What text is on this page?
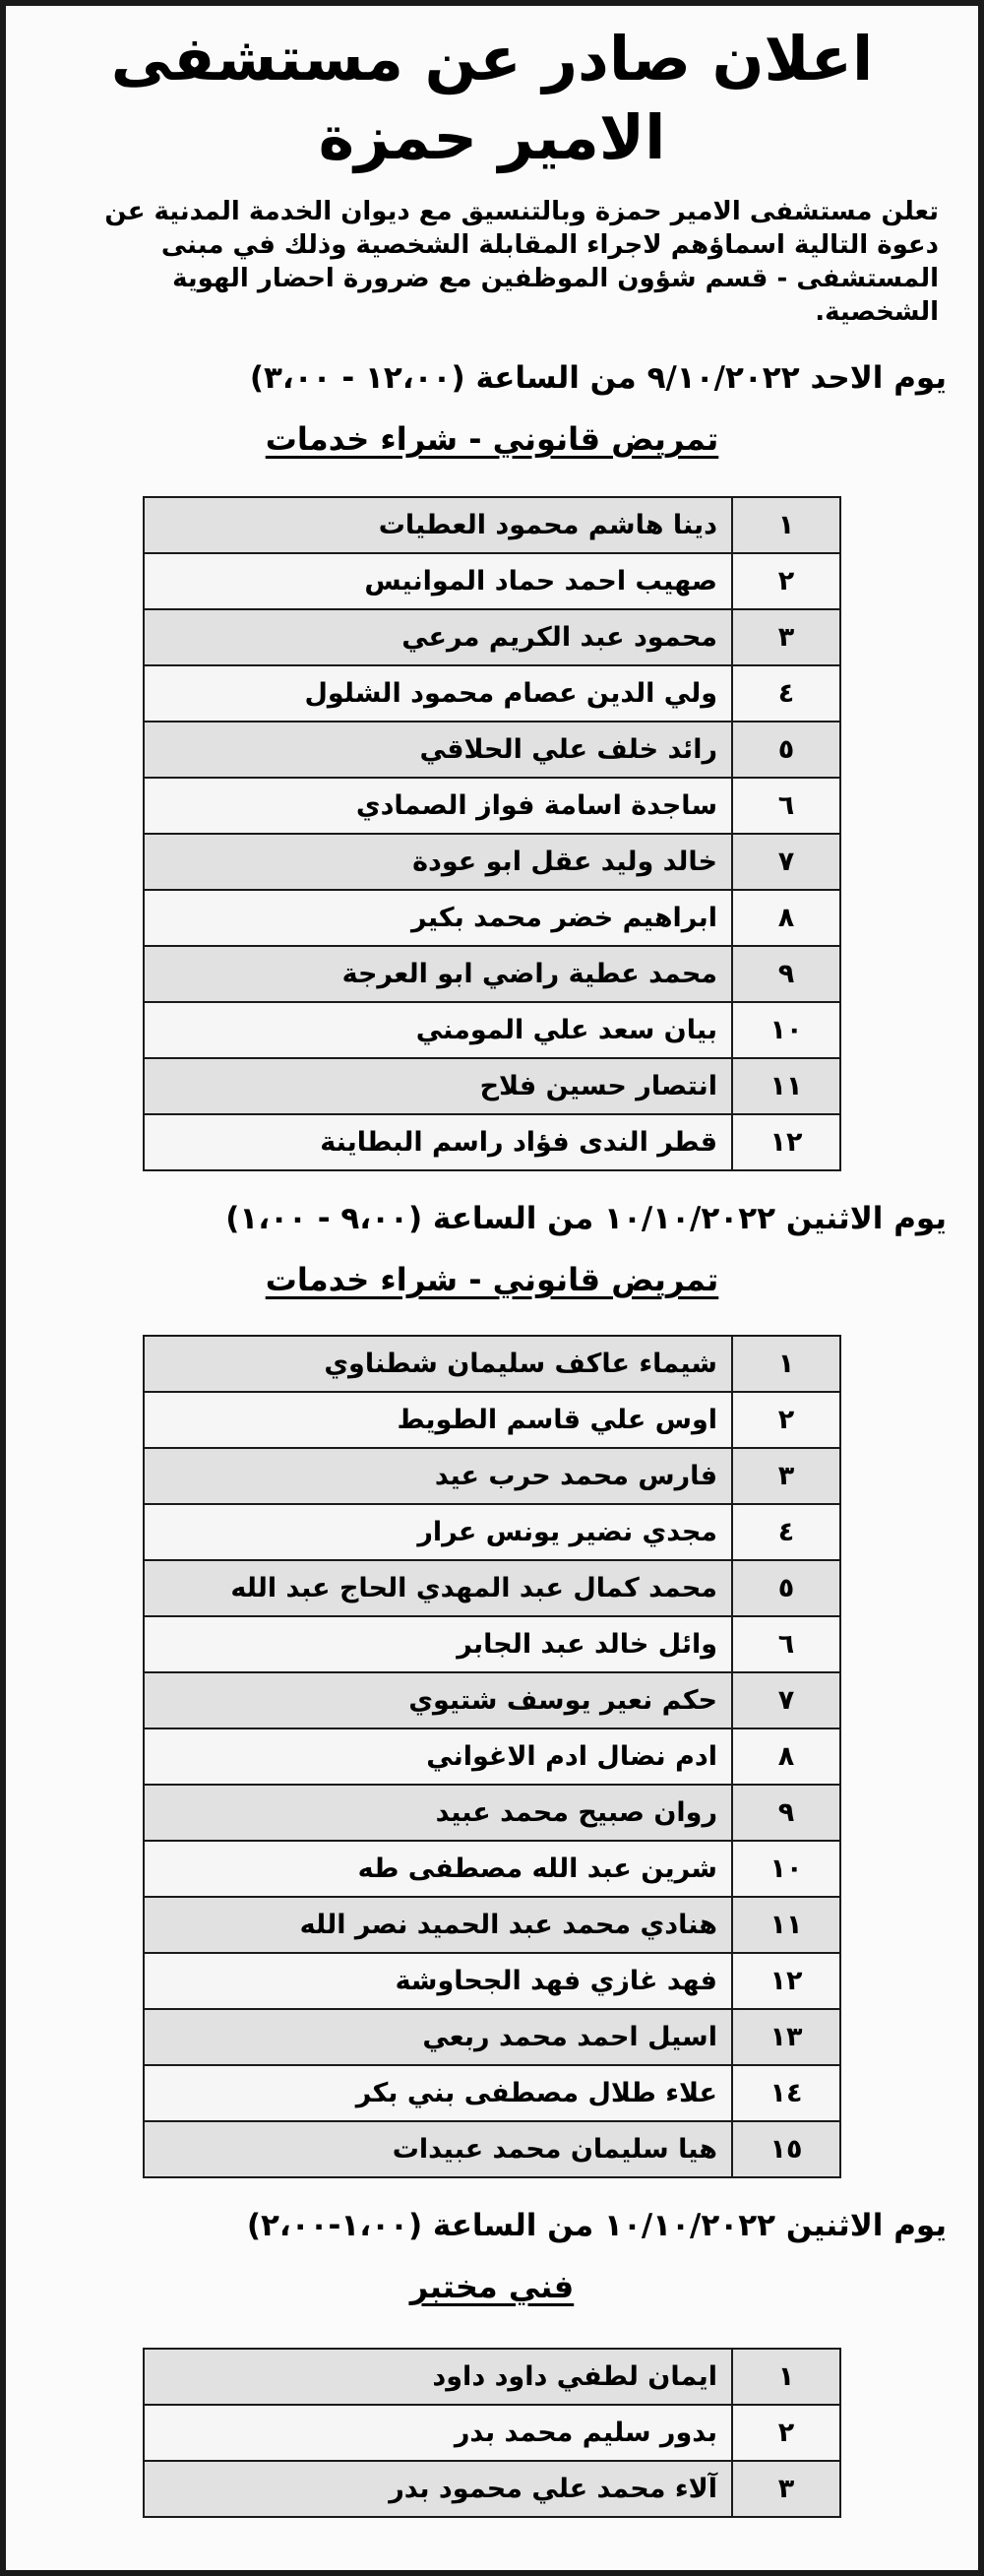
اعلان صادر عن مستشفى الامير حمزة

تعلن مستشفى الامير حمزة وبالتنسيق مع ديوان الخدمة المدنية عن دعوة التالية اسماؤهم لاجراء المقابلة الشخصية وذلك في مبنى المستشفى - قسم شؤون الموظفين مع ضرورة احضار الهوية الشخصية.

يوم الاحد ٩/١٠/٢٠٢٢ من الساعة (١٢،٠٠ - ٣،٠٠)
تمريض قانوني - شراء خدمات
١	دينا هاشم محمود العطيات
٢	صهيب احمد حماد الموانيس
٣	محمود عبد الكريم مرعي
٤	ولي الدين عصام محمود الشلول
٥	رائد خلف علي الحلاقي
٦	ساجدة اسامة فواز الصمادي
٧	خالد وليد عقل ابو عودة
٨	ابراهيم خضر محمد بكير
٩	محمد عطية راضي ابو العرجة
١٠	بيان سعد علي المومني
١١	انتصار حسين فلاح
١٢	قطر الندى فؤاد راسم البطاينة
يوم الاثنين ١٠/١٠/٢٠٢٢ من الساعة (٩،٠٠ - ١،٠٠)
تمريض قانوني - شراء خدمات
١	شيماء عاكف سليمان شطناوي
٢	اوس علي قاسم الطويط
٣	فارس محمد حرب عيد
٤	مجدي نضير يونس عرار
٥	محمد كمال عبد المهدي الحاج عبد الله
٦	وائل خالد عبد الجابر
٧	حكم نعير يوسف شتيوي
٨	ادم نضال ادم الاغواني
٩	روان صبيح محمد عبيد
١٠	شرين عبد الله مصطفى طه
١١	هنادي محمد عبد الحميد نصر الله
١٢	فهد غازي فهد الجحاوشة
١٣	اسيل احمد محمد ربعي
١٤	علاء طلال مصطفى بني بكر
١٥	هيا سليمان محمد عبيدات
يوم الاثنين ١٠/١٠/٢٠٢٢ من الساعة (١،٠٠-٢،٠٠)
فني مختبر
١	ايمان لطفي داود داود
٢	بدور سليم محمد بدر
٣	آلاء محمد علي محمود بدر
